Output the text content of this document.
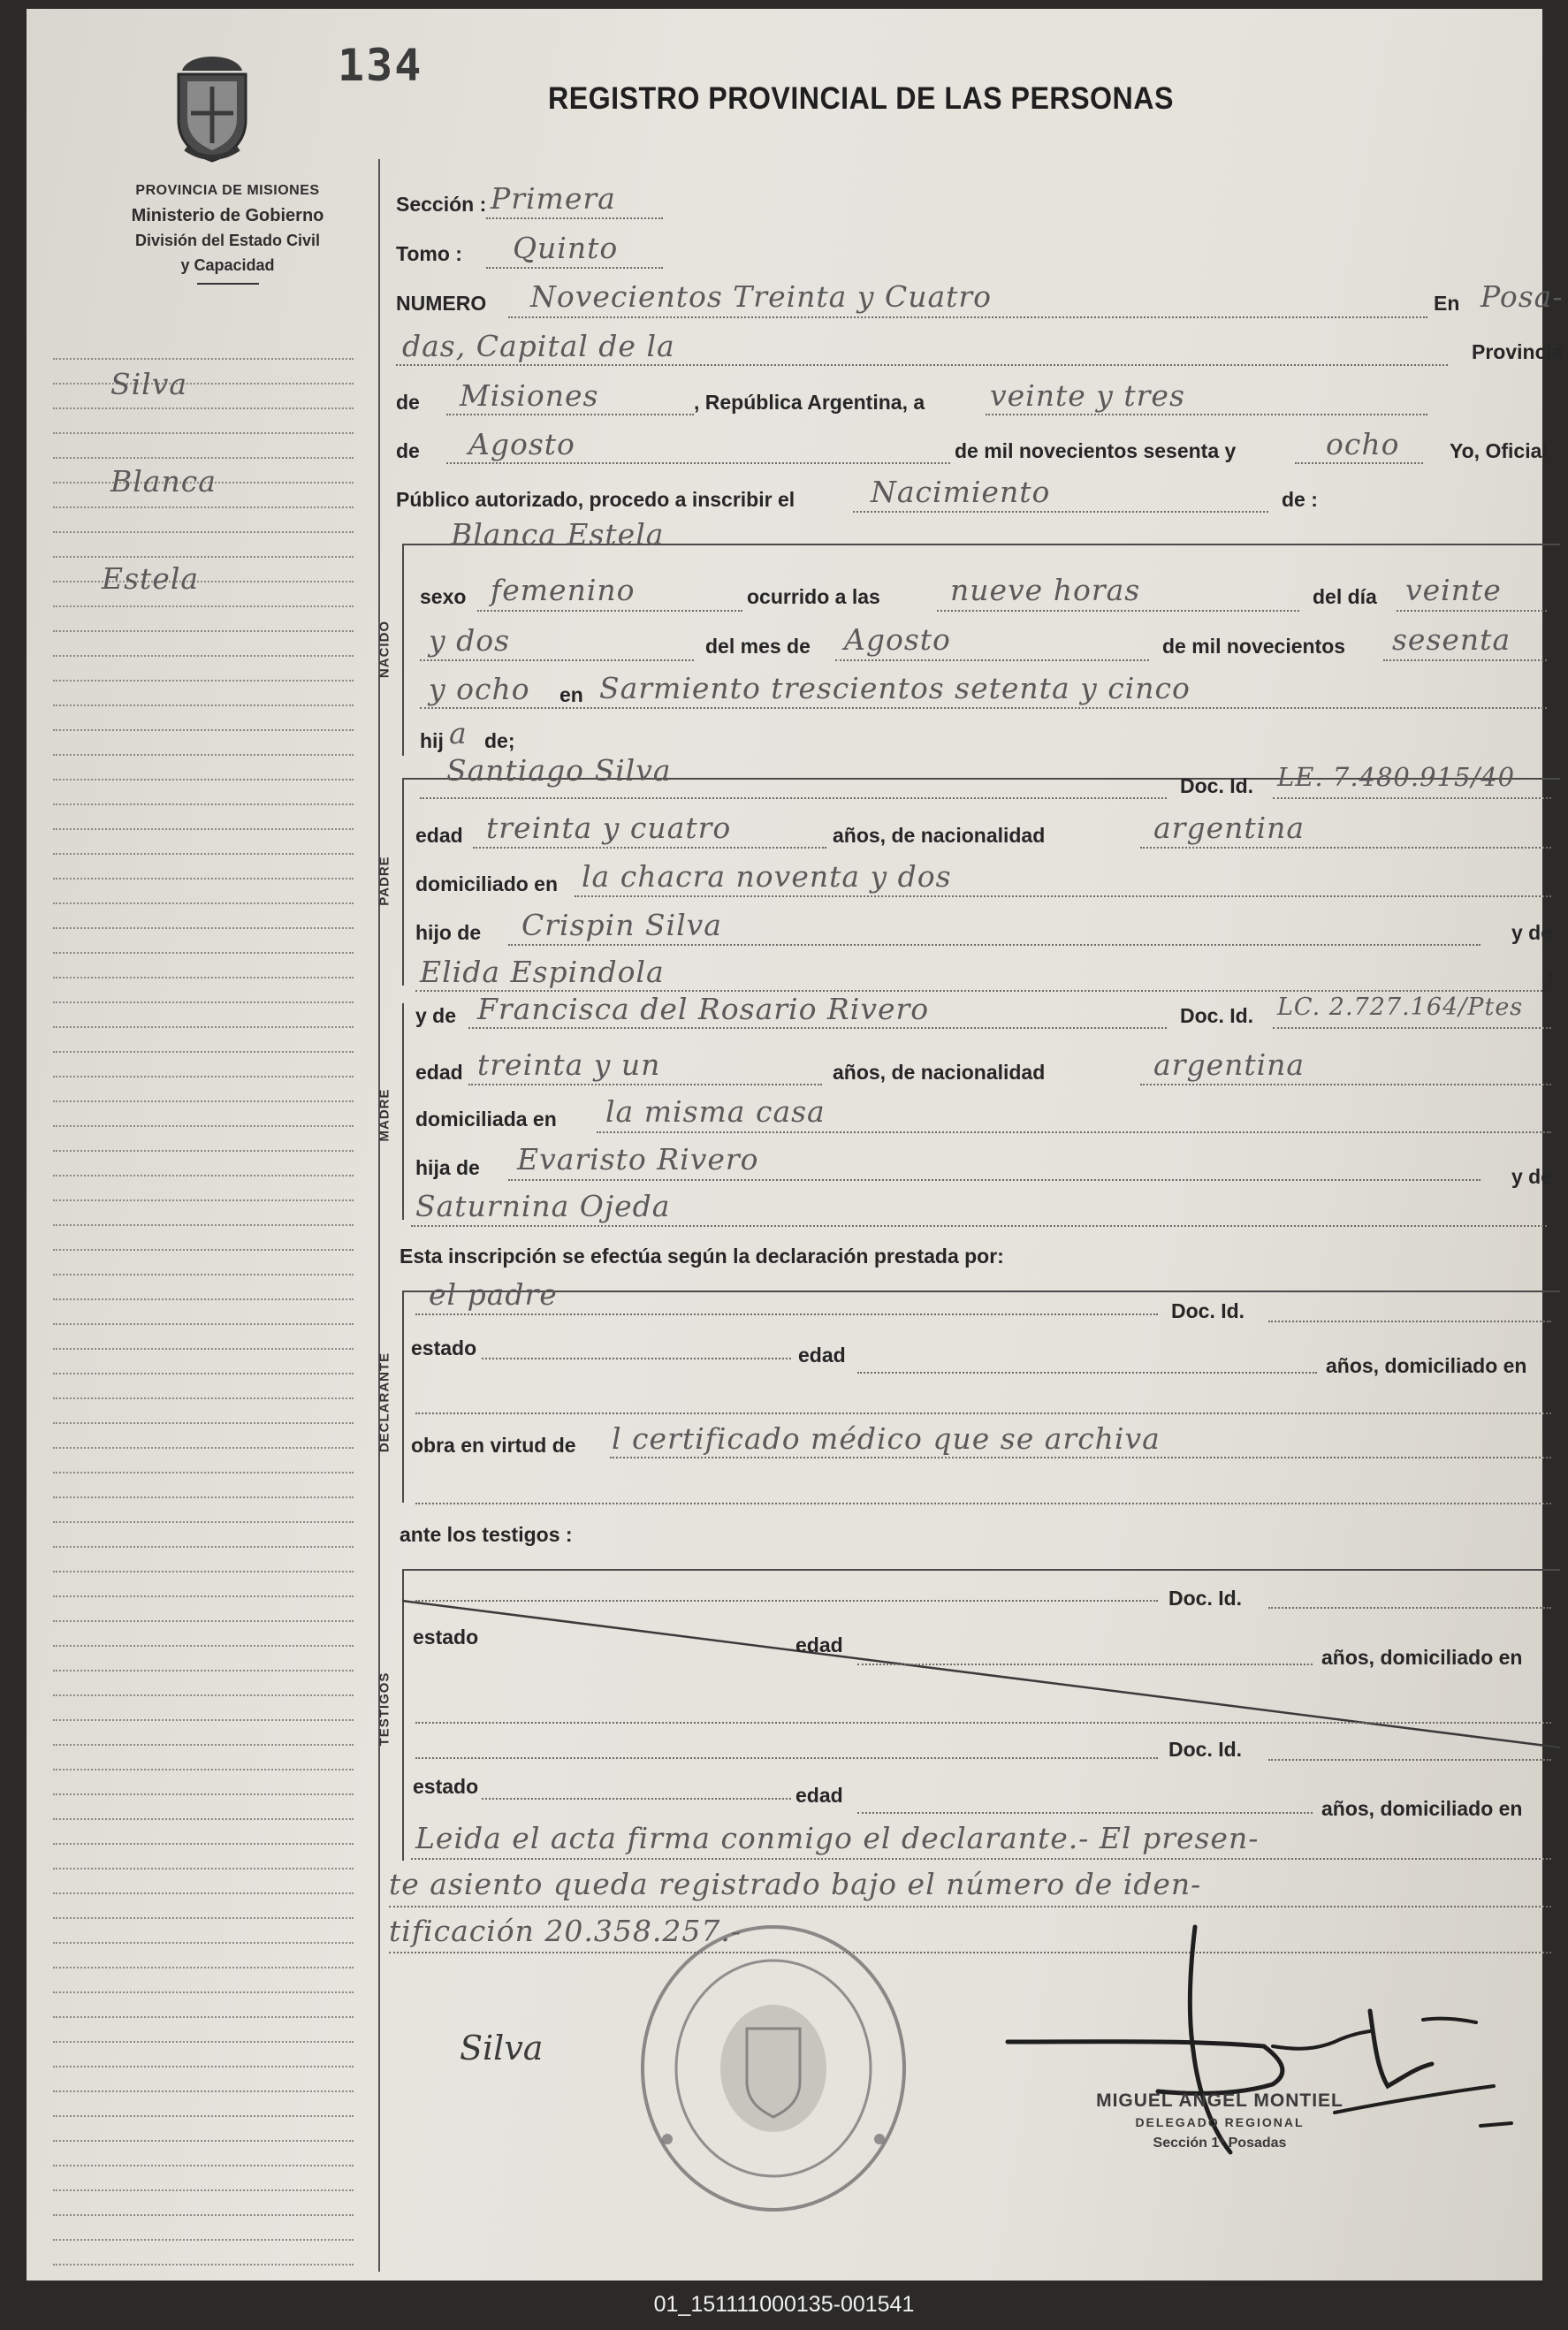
PROVINCIA DE MISIONES
Ministerio de Gobierno
División del Estado Civil
y Capacidad
134
REGISTRO PROVINCIAL DE LAS PERSONAS
Silva
Blanca
Estela
Sección : Primera
Tomo : Quinto
NUMERO Novecientos Treinta y Cuatro	En Posa-
das, Capital de la	Provincia
de Misiones	, República Argentina, a veinte y tres
de Agosto	de mil novecientos sesenta y	ocho Yo, Oficial
Público autorizado, procedo a inscribir el	Nacimiento	de :
NACIDO
Blanca Estela
sexo femenino	ocurrido a las nueve horas	del día veinte
y dos	del mes de Agosto	de mil novecientos sesenta
y ocho en Sarmiento trescientos setenta y cinco
hij a de;
PADRE
Santiago Silva	Doc. Id. LE. 7.480.915/40
edad treinta y cuatro	años, de nacionalidad	argentina
domiciliado en la chacra noventa y dos
hijo de Crispin Silva	y de
Elida Espindola	;
MADRE
y de Francisca del Rosario Rivero	Doc. Id. LC. 2.727.164/Ptes
edad treinta y un	años, de nacionalidad	argentina
domiciliada en la misma casa
hija de Evaristo Rivero	y de
Saturnina Ojeda
Esta inscripción se efectúa según la declaración prestada por:
DECLARANTE
el padre	Doc. Id.
estado	edad	años, domiciliado en
obra en virtud de l certificado médico que se archiva
ante los testigos :
TESTIGOS
Doc. Id.
estado	edad
años, domiciliado en
Doc. Id.
estado	edad
años, domiciliado en
Leida el acta firma conmigo el declarante.- El presen-
te asiento queda registrado bajo el número de iden-
tificación 20.358.257.-
Silva
MIGUEL ANGEL MONTIEL
DELEGADO REGIONAL
Sección 1ª Posadas
01_151111000135-001541
